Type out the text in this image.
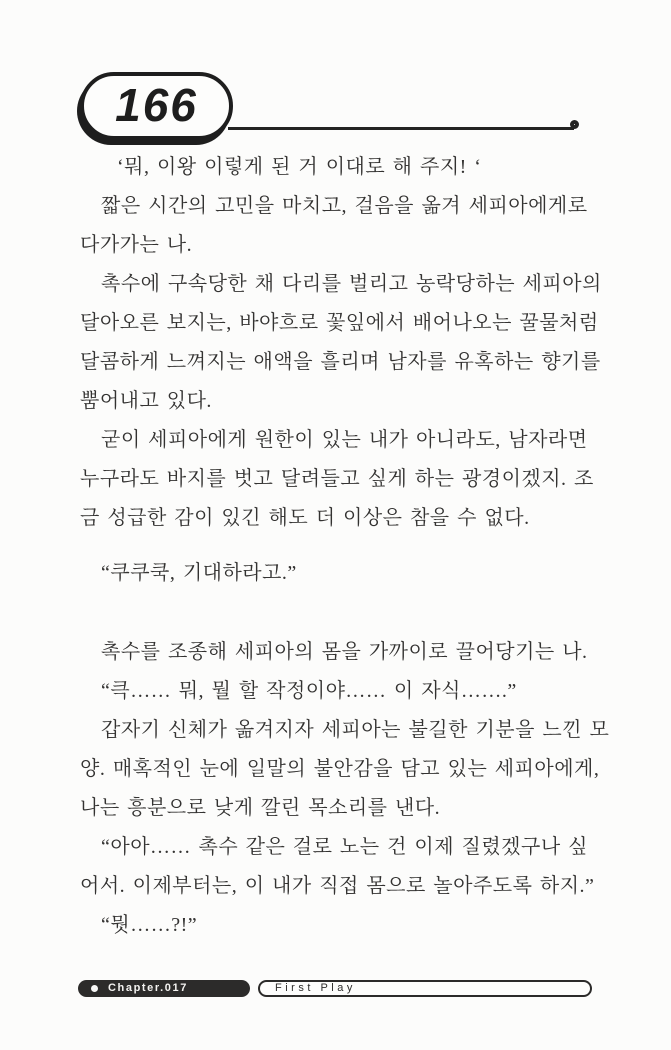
166
‘뭐, 이왕 이렇게 된 거 이대로 해 주지! ‘
짧은 시간의 고민을 마치고, 걸음을 옮겨 세피아에게로
다가가는 나.
촉수에 구속당한 채 다리를 벌리고 농락당하는 세피아의
달아오른 보지는, 바야흐로 꽃잎에서 배어나오는 꿀물처럼
달콤하게 느껴지는 애액을 흘리며 남자를 유혹하는 향기를
뿜어내고 있다.
굳이 세피아에게 원한이 있는 내가 아니라도, 남자라면
누구라도 바지를 벗고 달려들고 싶게 하는 광경이겠지. 조
금 성급한 감이 있긴 해도 더 이상은 참을 수 없다.
“쿠쿠쿡, 기대하라고.”
촉수를 조종해 세피아의 몸을 가까이로 끌어당기는 나.
“큭…… 뭐, 뭘 할 작정이야…… 이 자식…….”
갑자기 신체가 옮겨지자 세피아는 불길한 기분을 느낀 모
양. 매혹적인 눈에 일말의 불안감을 담고 있는 세피아에게,
나는 흥분으로 낮게 깔린 목소리를 낸다.
“아아…… 촉수 같은 걸로 노는 건 이제 질렸겠구나 싶
어서. 이제부터는, 이 내가 직접 몸으로 놀아주도록 하지.”
“뭣……?!”
Chapter.017	First Play
